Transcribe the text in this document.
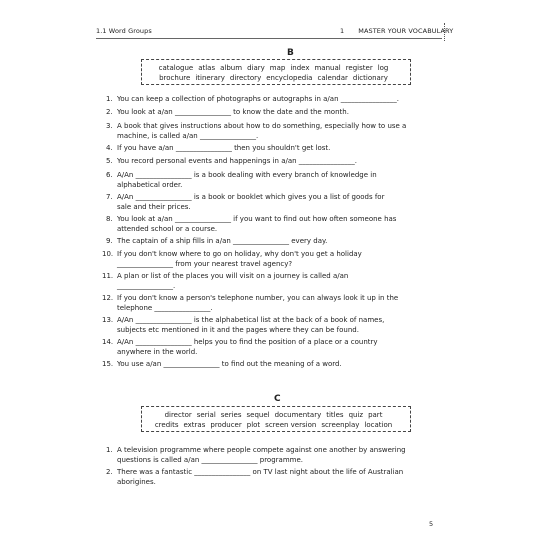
1.1 Word Groups	1 MASTER YOUR VOCABULARY
B
catalogue atlas album diary map index manual register log
brochure itinerary directory encyclopedia calendar dictionary
1. You can keep a collection of photographs or autographs in a/an ________________.
2. You look at a/an ________________ to know the date and the month.
3. A book that gives instructions about how to do something, especially how to use a
machine, is called a/an ________________.
4. If you have a/an ________________ then you shouldn't get lost.
5. You record personal events and happenings in a/an ________________.
6. A/An ________________ is a book dealing with every branch of knowledge in
alphabetical order.
7. A/An ________________ is a book or booklet which gives you a list of goods for
sale and their prices.
8. You look at a/an ________________ if you want to find out how often someone has
attended school or a course.
9. The captain of a ship fills in a/an ________________ every day.
10. If you don't know where to go on holiday, why don't you get a holiday
________________ from your nearest travel agency?
11. A plan or list of the places you will visit on a journey is called a/an
________________.
12. If you don't know a person's telephone number, you can always look it up in the
telephone ________________.
13. A/An ________________ is the alphabetical list at the back of a book of names,
subjects etc mentioned in it and the pages where they can be found.
14. A/An ________________ helps you to find the position of a place or a country
anywhere in the world.
15. You use a/an ________________ to find out the meaning of a word.
C
director serial series sequel documentary titles quiz part
credits extras producer plot screen version screenplay location
1. A television programme where people compete against one another by answering
questions is called a/an ________________ programme.
2. There was a fantastic ________________ on TV last night about the life of Australian
aborigines.
5
